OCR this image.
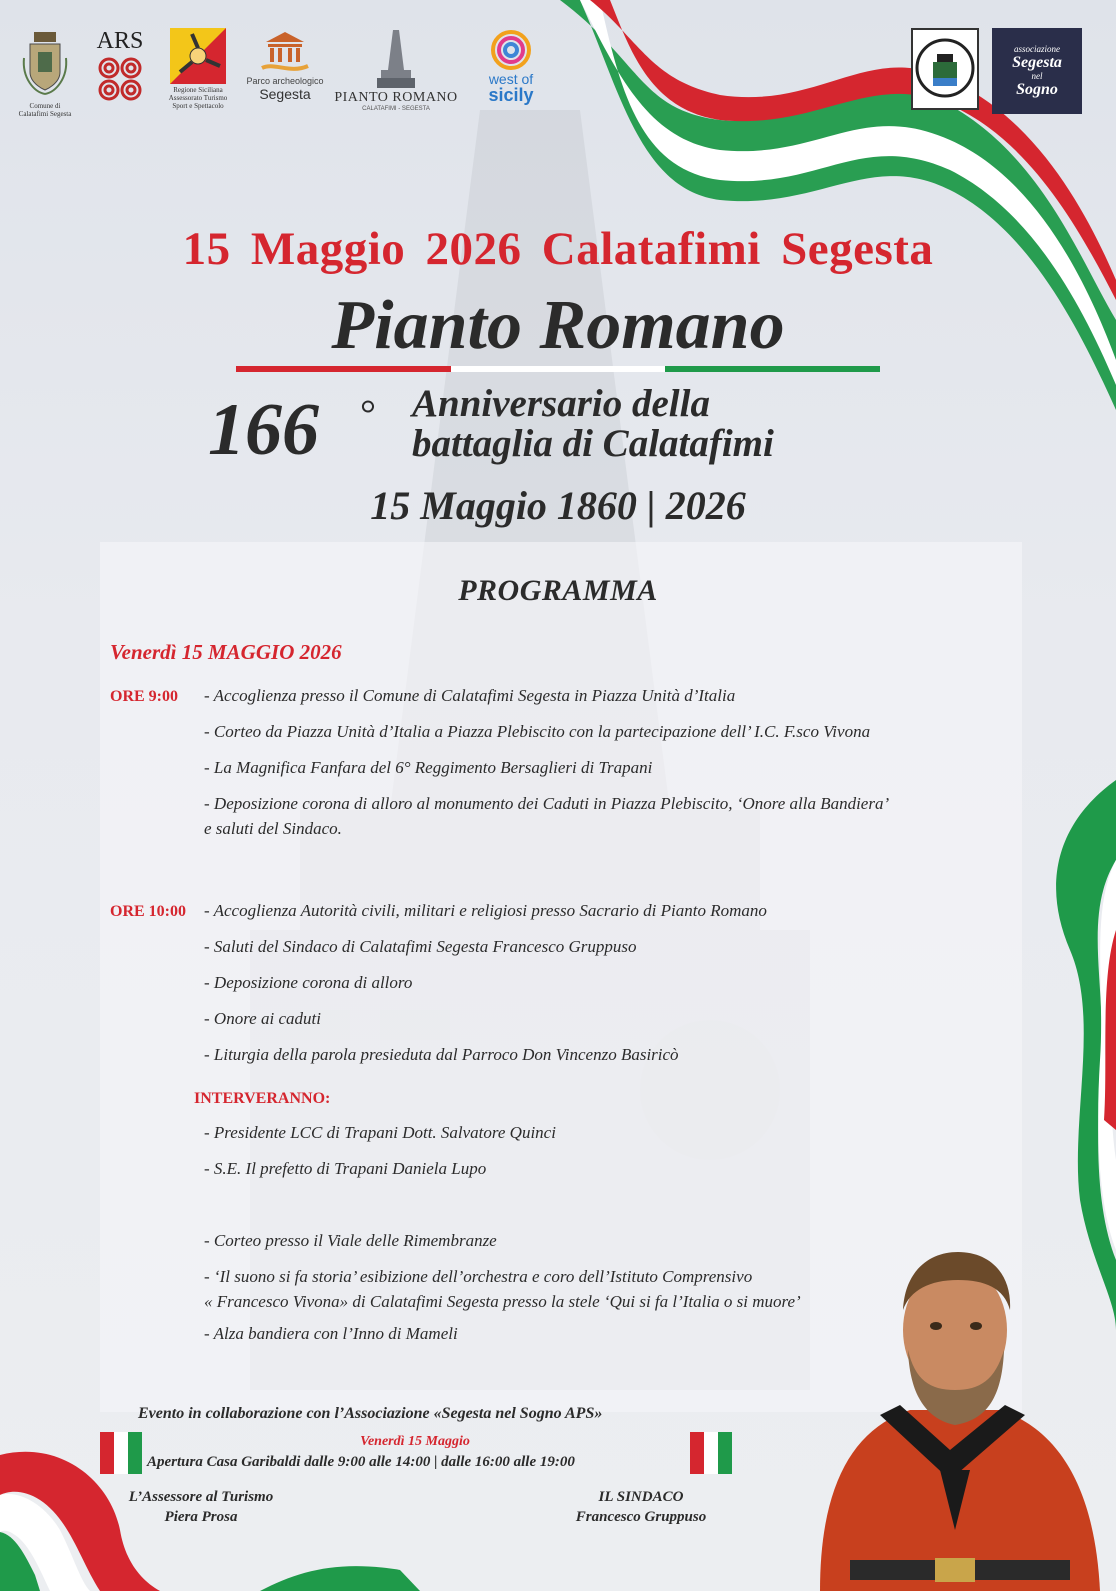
Comune di Calatafimi Segesta
ARS
Regione Siciliana Assessorato Turismo Sport e Spettacolo
Parco archeologico
Segesta PIANTO ROMANO
CALATAFIMI - SEGESTA
west of
sicily
associazione
Segesta
nel
Sogno
15 Maggio 2026 Calatafimi Segesta
Pianto Romano
166 ° Anniversario della
battaglia di Calatafimi
15 Maggio 1860 | 2026
PROGRAMMA
Venerdì 15 MAGGIO 2026
ORE 9:00 - Accoglienza presso il Comune di Calatafimi Segesta in Piazza Unità d’Italia
- Corteo da Piazza Unità d’Italia a Piazza Plebiscito con la partecipazione dell’ I.C. F.sco Vivona
- La Magnifica Fanfara del 6° Reggimento Bersaglieri di Trapani
- Deposizione corona di alloro al monumento dei Caduti in Piazza Plebiscito, ‘Onore alla Bandiera’
e saluti del Sindaco.
ORE 10:00 - Accoglienza Autorità civili, militari e religiosi presso Sacrario di Pianto Romano
- Saluti del Sindaco di Calatafimi Segesta Francesco Gruppuso
- Deposizione corona di alloro
- Onore ai caduti
- Liturgia della parola presieduta dal Parroco Don Vincenzo Basiricò
INTERVERANNO:
- Presidente LCC di Trapani Dott. Salvatore Quinci
- S.E. Il prefetto di Trapani Daniela Lupo
- Corteo presso il Viale delle Rimembranze
- ‘Il suono si fa storia’ esibizione dell’orchestra e coro dell’Istituto Comprensivo
« Francesco Vivona» di Calatafimi Segesta presso la stele ‘Qui si fa l’Italia o si muore’
- Alza bandiera con l’Inno di Mameli
Evento in collaborazione con l’Associazione «Segesta nel Sogno APS»
Venerdì 15 Maggio
Apertura Casa Garibaldi dalle 9:00 alle 14:00 | dalle 16:00 alle 19:00
L’Assessore al Turismo
Piera Prosa
IL SINDACO
Francesco Gruppuso
